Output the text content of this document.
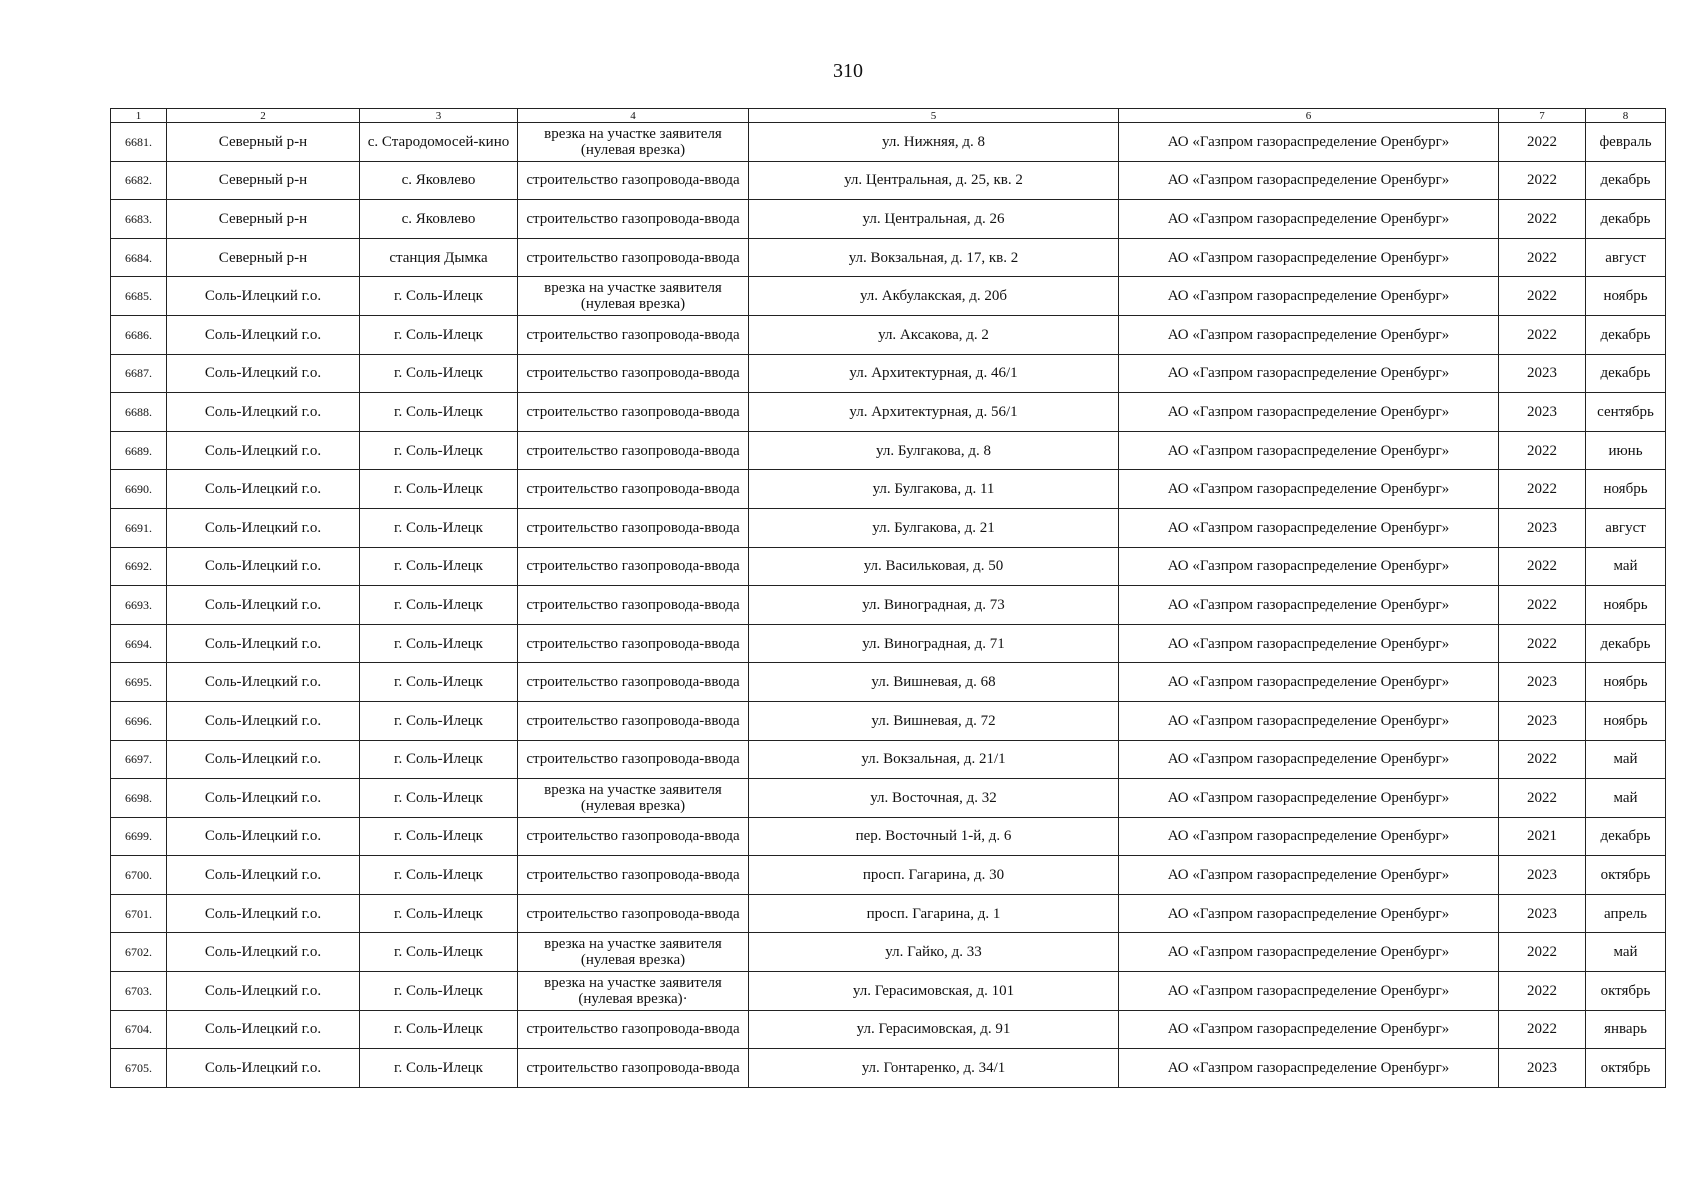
310
1	2	3	4	5	6	7	8
6681.	Северный р-н	с. Стародомосей-кино	врезка на участке заявителя (нулевая врезка)	ул. Нижняя, д. 8	АО «Газпром газораспределение Оренбург»	2022	февраль
6682.	Северный р-н	с. Яковлево	строительство газопровода-ввода	ул. Центральная, д. 25, кв. 2	АО «Газпром газораспределение Оренбург»	2022	декабрь
6683.	Северный р-н	с. Яковлево	строительство газопровода-ввода	ул. Центральная, д. 26	АО «Газпром газораспределение Оренбург»	2022	декабрь
6684.	Северный р-н	станция Дымка	строительство газопровода-ввода	ул. Вокзальная, д. 17, кв. 2	АО «Газпром газораспределение Оренбург»	2022	август
6685.	Соль-Илецкий г.о.	г. Соль-Илецк	врезка на участке заявителя (нулевая врезка)	ул. Акбулакская, д. 20б	АО «Газпром газораспределение Оренбург»	2022	ноябрь
6686.	Соль-Илецкий г.о.	г. Соль-Илецк	строительство газопровода-ввода	ул. Аксакова, д. 2	АО «Газпром газораспределение Оренбург»	2022	декабрь
6687.	Соль-Илецкий г.о.	г. Соль-Илецк	строительство газопровода-ввода	ул. Архитектурная, д. 46/1	АО «Газпром газораспределение Оренбург»	2023	декабрь
6688.	Соль-Илецкий г.о.	г. Соль-Илецк	строительство газопровода-ввода	ул. Архитектурная, д. 56/1	АО «Газпром газораспределение Оренбург»	2023	сентябрь
6689.	Соль-Илецкий г.о.	г. Соль-Илецк	строительство газопровода-ввода	ул. Булгакова, д. 8	АО «Газпром газораспределение Оренбург»	2022	июнь
6690.	Соль-Илецкий г.о.	г. Соль-Илецк	строительство газопровода-ввода	ул. Булгакова, д. 11	АО «Газпром газораспределение Оренбург»	2022	ноябрь
6691.	Соль-Илецкий г.о.	г. Соль-Илецк	строительство газопровода-ввода	ул. Булгакова, д. 21	АО «Газпром газораспределение Оренбург»	2023	август
6692.	Соль-Илецкий г.о.	г. Соль-Илецк	строительство газопровода-ввода	ул. Васильковая, д. 50	АО «Газпром газораспределение Оренбург»	2022	май
6693.	Соль-Илецкий г.о.	г. Соль-Илецк	строительство газопровода-ввода	ул. Виноградная, д. 73	АО «Газпром газораспределение Оренбург»	2022	ноябрь
6694.	Соль-Илецкий г.о.	г. Соль-Илецк	строительство газопровода-ввода	ул. Виноградная, д. 71	АО «Газпром газораспределение Оренбург»	2022	декабрь
6695.	Соль-Илецкий г.о.	г. Соль-Илецк	строительство газопровода-ввода	ул. Вишневая, д. 68	АО «Газпром газораспределение Оренбург»	2023	ноябрь
6696.	Соль-Илецкий г.о.	г. Соль-Илецк	строительство газопровода-ввода	ул. Вишневая, д. 72	АО «Газпром газораспределение Оренбург»	2023	ноябрь
6697.	Соль-Илецкий г.о.	г. Соль-Илецк	строительство газопровода-ввода	ул. Вокзальная, д. 21/1	АО «Газпром газораспределение Оренбург»	2022	май
6698.	Соль-Илецкий г.о.	г. Соль-Илецк	врезка на участке заявителя (нулевая врезка)	ул. Восточная, д. 32	АО «Газпром газораспределение Оренбург»	2022	май
6699.	Соль-Илецкий г.о.	г. Соль-Илецк	строительство газопровода-ввода	пер. Восточный 1-й, д. 6	АО «Газпром газораспределение Оренбург»	2021	декабрь
6700.	Соль-Илецкий г.о.	г. Соль-Илецк	строительство газопровода-ввода	просп. Гагарина, д. 30	АО «Газпром газораспределение Оренбург»	2023	октябрь
6701.	Соль-Илецкий г.о.	г. Соль-Илецк	строительство газопровода-ввода	просп. Гагарина, д. 1	АО «Газпром газораспределение Оренбург»	2023	апрель
6702.	Соль-Илецкий г.о.	г. Соль-Илецк	врезка на участке заявителя (нулевая врезка)	ул. Гайко, д. 33	АО «Газпром газораспределение Оренбург»	2022	май
6703.	Соль-Илецкий г.о.	г. Соль-Илецк	врезка на участке заявителя (нулевая врезка)·	ул. Герасимовская, д. 101	АО «Газпром газораспределение Оренбург»	2022	октябрь
6704.	Соль-Илецкий г.о.	г. Соль-Илецк	строительство газопровода-ввода	ул. Герасимовская, д. 91	АО «Газпром газораспределение Оренбург»	2022	январь
6705.	Соль-Илецкий г.о.	г. Соль-Илецк	строительство газопровода-ввода	ул. Гонтаренко, д. 34/1	АО «Газпром газораспределение Оренбург»	2023	октябрь
